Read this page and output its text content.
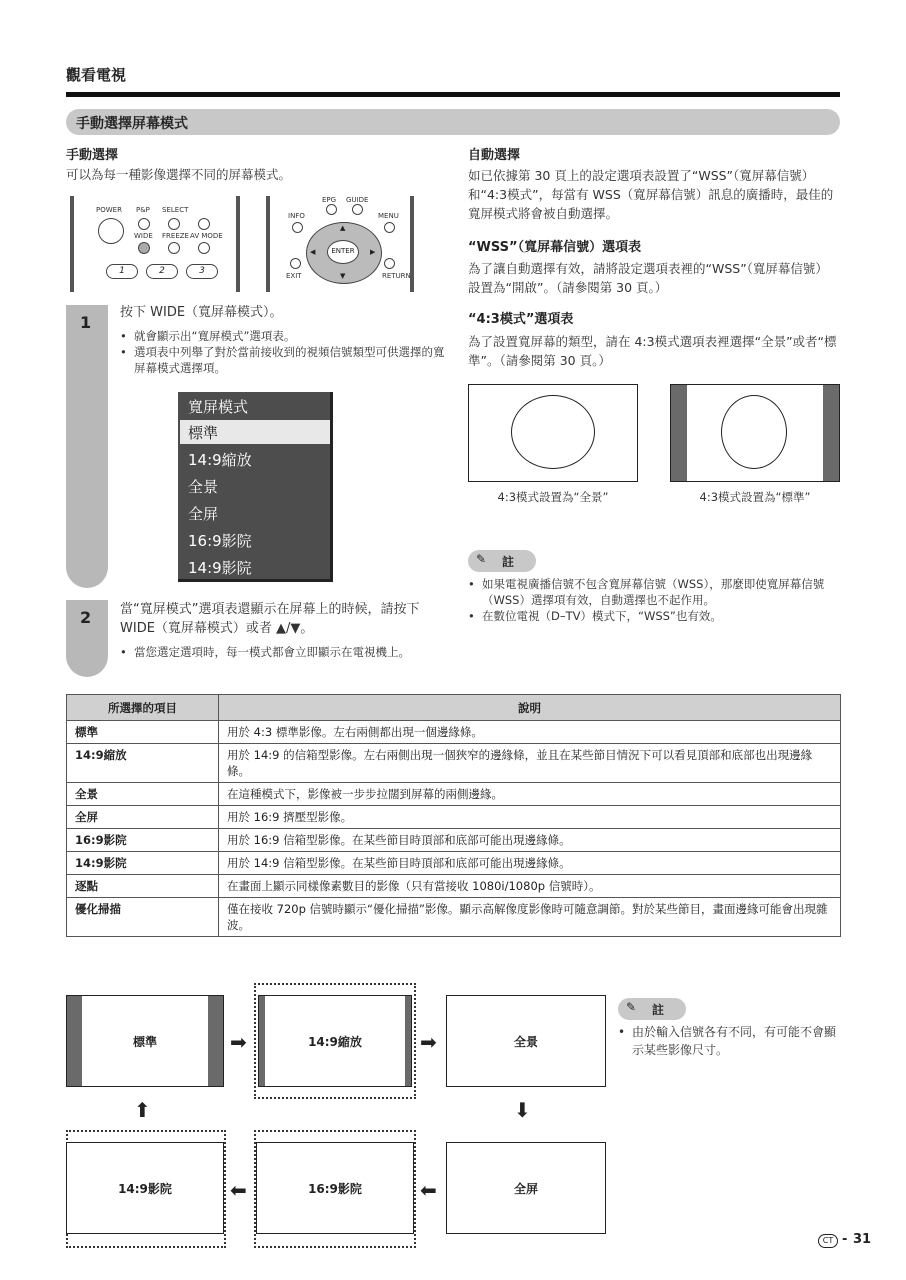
觀看電視
手動選擇屏幕模式
手動選擇
可以為每一種影像選擇不同的屏幕模式。
POWER P&P SELECT
WIDE FREEZE AV MODE
1	2	3
EPG GUIDE
INFO	MENU
▲
▼
◀	▶
ENTER
EXIT	RETURN
1
按下 WIDE（寬屏幕模式）。
• 就會顯示出“寬屏模式”選項表。
• 選項表中列舉了對於當前接收到的視頻信號類型可供選擇的寬屏幕模式選擇項。
寬屏模式
標準
14:9縮放
全景
全屏
16:9影院
14:9影院
2 當“寬屏模式”選項表還顯示在屏幕上的時候，請按下 WIDE（寬屏幕模式）或者 ▲/▼。
• 當您選定選項時，每一模式都會立即顯示在電視機上。
自動選擇
如已依據第 30 頁上的設定選項表設置了“WSS”（寬屏幕信號）和“4:3模式”，每當有 WSS（寬屏幕信號）訊息的廣播時，最佳的寬屏模式將會被自動選擇。
“WSS”（寬屏幕信號）選項表
為了讓自動選擇有效，請將設定選項表裡的“WSS”（寬屏幕信號）設置為“開啟”。（請參閱第 30 頁。）
“4:3模式”選項表
為了設置寬屏幕的類型，請在 4:3模式選項表裡選擇“全景”或者“標準”。（請參閱第 30 頁。）
4:3模式設置為“全景”	4:3模式設置為“標準”
✎ 註
• 如果電視廣播信號不包含寬屏幕信號（WSS），那麼即使寬屏幕信號（WSS）選擇項有效，自動選擇也不起作用。
• 在數位電視（D–TV）模式下，“WSS”也有效。
所選擇的項目	說明
標準	用於 4:3 標準影像。左右兩側都出現一個邊緣條。
14:9縮放	用於 14:9 的信箱型影像。左右兩側出現一個狹窄的邊緣條，並且在某些節目情況下可以看見頂部和底部也出現邊緣條。
全景	在這種模式下，影像被一步步拉闊到屏幕的兩側邊緣。
全屏	用於 16:9 擠壓型影像。
16:9影院	用於 16:9 信箱型影像。在某些節目時頂部和底部可能出現邊緣條。
14:9影院	用於 14:9 信箱型影像。在某些節目時頂部和底部可能出現邊緣條。
逐點	在畫面上顯示同樣像素數目的影像（只有當接收 1080i/1080p 信號時）。
優化掃描	僅在接收 720p 信號時顯示“優化掃描”影像。顯示高解像度影像時可隨意調節。對於某些節目，畫面邊緣可能會出現雜波。
標準	➡	14:9縮放	➡	全景
⬆	⬇
14:9影院	⬅	16:9影院	⬅	全屏
✎ 註
• 由於輸入信號各有不同，有可能不會顯示某些影像尺寸。
CT - 31
